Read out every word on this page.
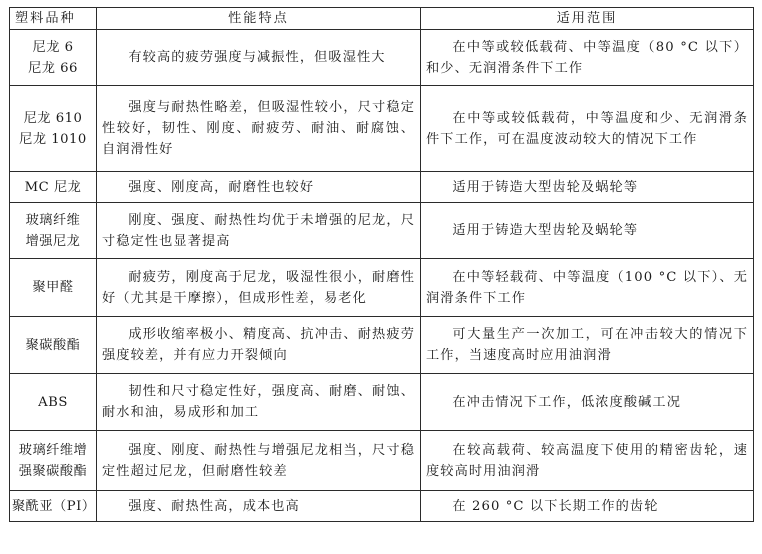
塑料品种	性能特点	适用范围

尼龙 6
尼龙 66	有较高的疲劳强度与减振性，但吸湿性大	在中等或较低载荷、中等温度（80 °C 以下）和少、无润滑条件下工作

尼龙 610
尼龙 1010	强度与耐热性略差，但吸湿性较小，尺寸稳定性较好，韧性、刚度、耐疲劳、耐油、耐腐蚀、自润滑性好	在中等或较低载荷，中等温度和少、无润滑条件下工作，可在温度波动较大的情况下工作

MC 尼龙	强度、刚度高，耐磨性也较好	适用于铸造大型齿轮及蜗轮等

玻璃纤维
增强尼龙	刚度、强度、耐热性均优于未增强的尼龙，尺寸稳定性也显著提高	适用于铸造大型齿轮及蜗轮等

聚甲醛	耐疲劳，刚度高于尼龙，吸湿性很小，耐磨性好（尤其是干摩擦），但成形性差，易老化	在中等轻载荷、中等温度（100 °C 以下）、无润滑条件下工作

聚碳酸酯	成形收缩率极小、精度高、抗冲击、耐热疲劳强度较差，并有应力开裂倾向	可大量生产一次加工，可在冲击较大的情况下工作，当速度高时应用油润滑

ABS	韧性和尺寸稳定性好，强度高、耐磨、耐蚀、耐水和油，易成形和加工	在冲击情况下工作，低浓度酸碱工况

玻璃纤维增
强聚碳酸酯	强度、刚度、耐热性与增强尼龙相当，尺寸稳定性超过尼龙，但耐磨性较差	在较高载荷、较高温度下使用的精密齿轮，速度较高时用油润滑

聚酰亚（PI）	强度、耐热性高，成本也高	在 260 °C 以下长期工作的齿轮
